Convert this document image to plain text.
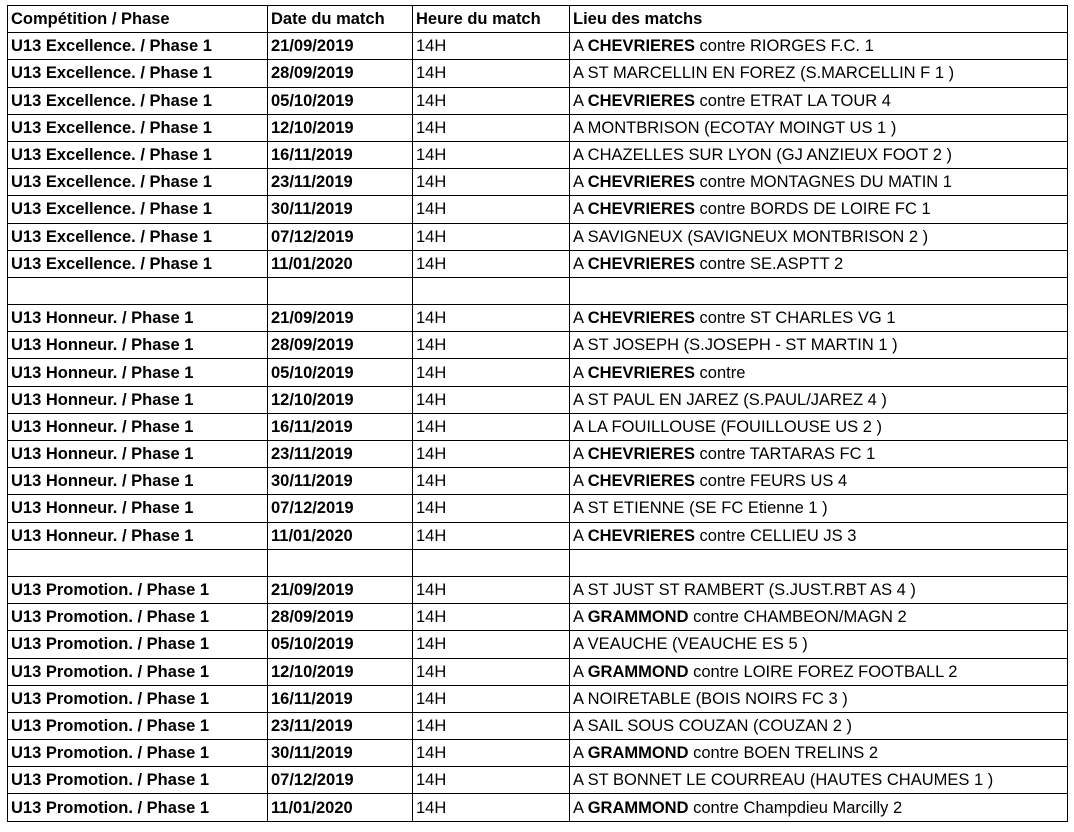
Compétition / Phase	Date du match	Heure du match	Lieu des matchs
U13 Excellence. / Phase 1	21/09/2019	14H	A CHEVRIERES contre RIORGES F.C. 1
U13 Excellence. / Phase 1	28/09/2019	14H	A ST MARCELLIN EN FOREZ (S.MARCELLIN F 1 )
U13 Excellence. / Phase 1	05/10/2019	14H	A CHEVRIERES contre ETRAT LA TOUR 4
U13 Excellence. / Phase 1	12/10/2019	14H	A MONTBRISON (ECOTAY MOINGT US 1 )
U13 Excellence. / Phase 1	16/11/2019	14H	A CHAZELLES SUR LYON (GJ ANZIEUX FOOT 2 )
U13 Excellence. / Phase 1	23/11/2019	14H	A CHEVRIERES contre MONTAGNES DU MATIN 1
U13 Excellence. / Phase 1	30/11/2019	14H	A CHEVRIERES contre BORDS DE LOIRE FC 1
U13 Excellence. / Phase 1	07/12/2019	14H	A SAVIGNEUX (SAVIGNEUX MONTBRISON 2 )
U13 Excellence. / Phase 1	11/01/2020	14H	A CHEVRIERES contre SE.ASPTT 2

U13 Honneur. / Phase 1	21/09/2019	14H	A CHEVRIERES contre ST CHARLES VG 1
U13 Honneur. / Phase 1	28/09/2019	14H	A ST JOSEPH (S.JOSEPH - ST MARTIN 1 )
U13 Honneur. / Phase 1	05/10/2019	14H	A CHEVRIERES contre
U13 Honneur. / Phase 1	12/10/2019	14H	A ST PAUL EN JAREZ (S.PAUL/JAREZ 4 )
U13 Honneur. / Phase 1	16/11/2019	14H	A LA FOUILLOUSE (FOUILLOUSE US 2 )
U13 Honneur. / Phase 1	23/11/2019	14H	A CHEVRIERES contre TARTARAS FC 1
U13 Honneur. / Phase 1	30/11/2019	14H	A CHEVRIERES contre FEURS US 4
U13 Honneur. / Phase 1	07/12/2019	14H	A ST ETIENNE (SE FC Etienne 1 )
U13 Honneur. / Phase 1	11/01/2020	14H	A CHEVRIERES contre CELLIEU JS 3

U13 Promotion. / Phase 1	21/09/2019	14H	A ST JUST ST RAMBERT (S.JUST.RBT AS 4 )
U13 Promotion. / Phase 1	28/09/2019	14H	A GRAMMOND contre CHAMBEON/MAGN 2
U13 Promotion. / Phase 1	05/10/2019	14H	A VEAUCHE (VEAUCHE ES 5 )
U13 Promotion. / Phase 1	12/10/2019	14H	A GRAMMOND contre LOIRE FOREZ FOOTBALL 2
U13 Promotion. / Phase 1	16/11/2019	14H	A NOIRETABLE (BOIS NOIRS FC 3 )
U13 Promotion. / Phase 1	23/11/2019	14H	A SAIL SOUS COUZAN (COUZAN 2 )
U13 Promotion. / Phase 1	30/11/2019	14H	A GRAMMOND contre BOEN TRELINS 2
U13 Promotion. / Phase 1	07/12/2019	14H	A ST BONNET LE COURREAU (HAUTES CHAUMES 1 )
U13 Promotion. / Phase 1	11/01/2020	14H	A GRAMMOND contre Champdieu Marcilly 2
